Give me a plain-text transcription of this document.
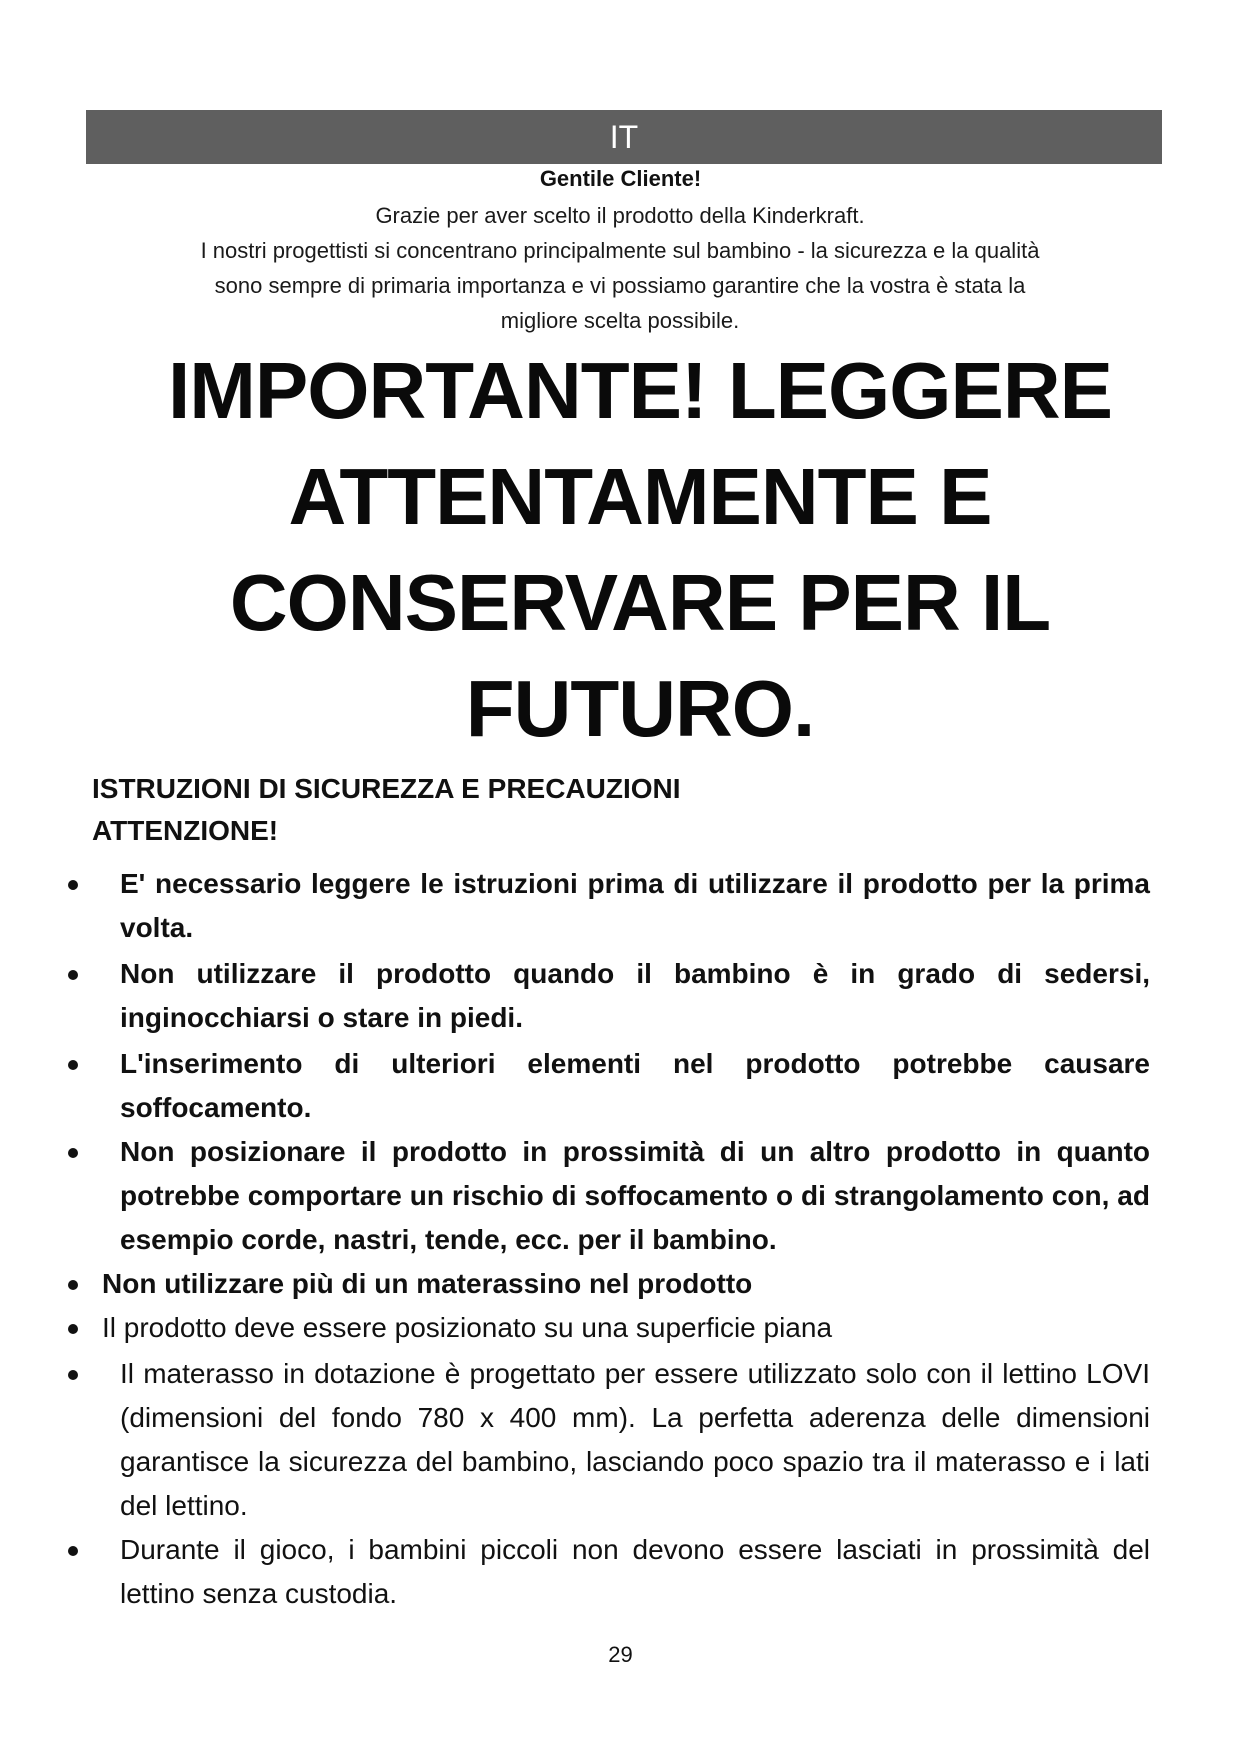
IT
Gentile Cliente!

Grazie per aver scelto il prodotto della Kinderkraft.

I nostri progettisti si concentrano principalmente sul bambino - la sicurezza e la qualità

sono sempre di primaria importanza e vi possiamo garantire che la vostra è stata la

migliore scelta possibile.

IMPORTANTE! LEGGERE

ATTENTAMENTE E

CONSERVARE PER IL

FUTURO.

ISTRUZIONI DI SICUREZZA E PRECAUZIONI
ATTENZIONE!
E' necessario leggere le istruzioni prima di utilizzare il prodotto per la prima volta.
Non utilizzare il prodotto quando il bambino è in grado di sedersi, inginocchiarsi o stare in piedi.
L'inserimento di ulteriori elementi nel prodotto potrebbe causare soffocamento.
Non posizionare il prodotto in prossimità di un altro prodotto in quanto potrebbe comportare un rischio di soffocamento o di strangolamento con, ad esempio corde, nastri, tende, ecc. per il bambino.
Non utilizzare più di un materassino nel prodotto
Il prodotto deve essere posizionato su una superficie piana
Il materasso in dotazione è progettato per essere utilizzato solo con il lettino LOVI (dimensioni del fondo 780 x 400 mm). La perfetta aderenza delle dimensioni garantisce la sicurezza del bambino, lasciando poco spazio tra il materasso e i lati del lettino.
Durante il gioco, i bambini piccoli non devono essere lasciati in prossimità del lettino senza custodia.
29
